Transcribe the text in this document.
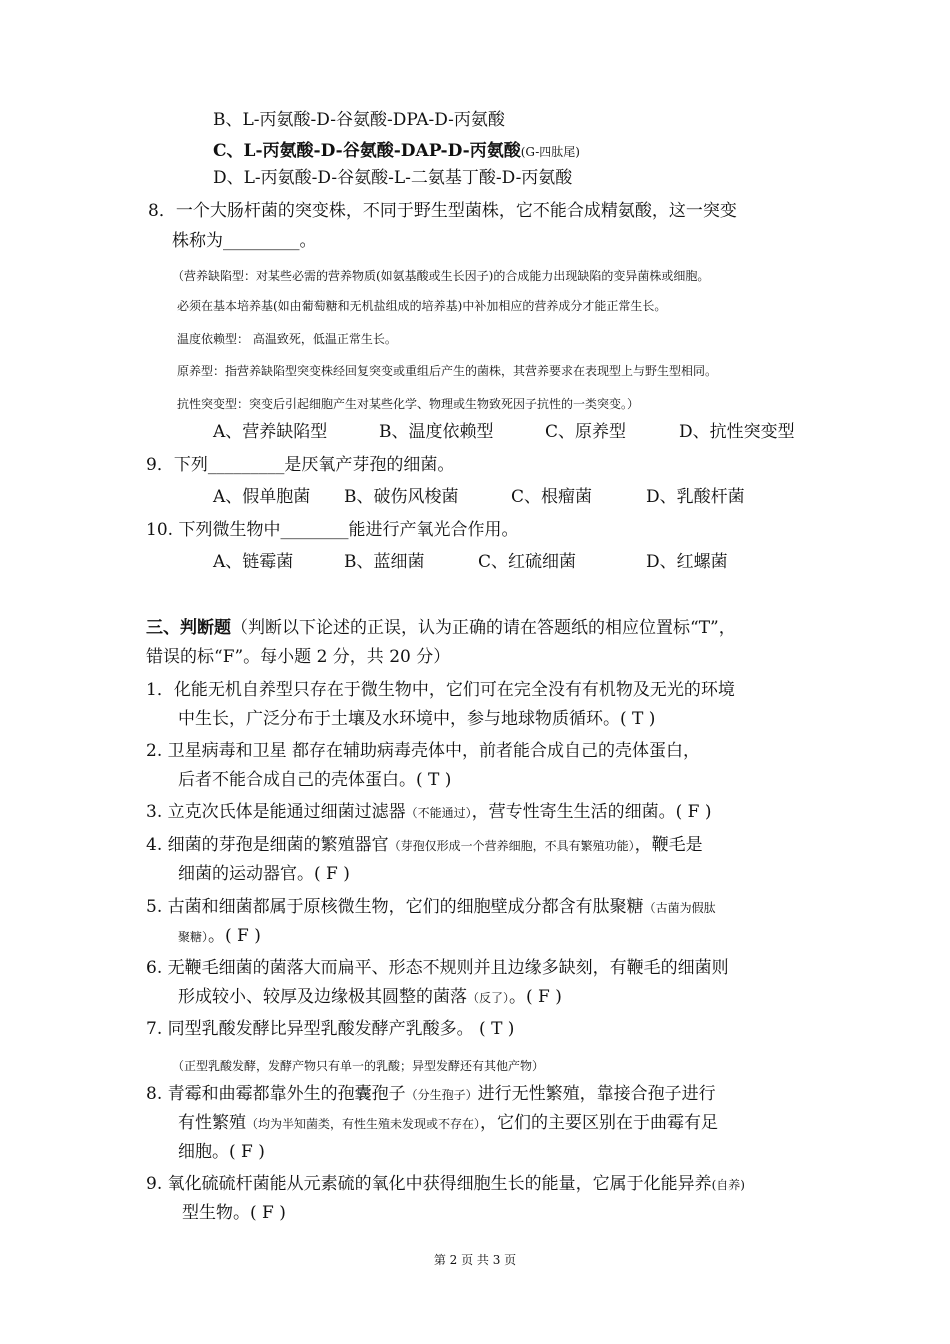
B、L-丙氨酸-D-谷氨酸-DPA-D-丙氨酸
C、L-丙氨酸-D-谷氨酸-DAP-D-丙氨酸(G-四肽尾)
D、L-丙氨酸-D-谷氨酸-L-二氨基丁酸-D-丙氨酸
8．一个大肠杆菌的突变株，不同于野生型菌株，它不能合成精氨酸，这一突变
株称为_________。
（营养缺陷型：对某些必需的营养物质(如氨基酸或生长因子)的合成能力出现缺陷的变异菌株或细胞。
必须在基本培养基(如由葡萄糖和无机盐组成的培养基)中补加相应的营养成分才能正常生长。
温度依赖型： 高温致死，低温正常生长。
原养型：指营养缺陷型突变株经回复突变或重组后产生的菌株，其营养要求在表现型上与野生型相同。
抗性突变型：突变后引起细胞产生对某些化学、物理或生物致死因子抗性的一类突变。）
A、营养缺陷型	B、温度依赖型	C、原养型	D、抗性突变型
9．下列_________是厌氧产芽孢的细菌。
A、假单胞菌 B、破伤风梭菌	C、根瘤菌	D、乳酸杆菌
10. 下列微生物中________能进行产氧光合作用。
A、链霉菌	B、蓝细菌	C、红硫细菌	D、红螺菌
三、判断题（判断以下论述的正误，认为正确的请在答题纸的相应位置标“T”，
错误的标“F”。每小题 2 分，共 20 分）
1．化能无机自养型只存在于微生物中，它们可在完全没有有机物及无光的环境
中生长，广泛分布于土壤及水环境中，参与地球物质循环。( T )
2. 卫星病毒和卫星 都存在辅助病毒壳体中，前者能合成自己的壳体蛋白，
后者不能合成自己的壳体蛋白。( T )
3. 立克次氏体是能通过细菌过滤器（不能通过），营专性寄生生活的细菌。( F )
4. 细菌的芽孢是细菌的繁殖器官（芽孢仅形成一个营养细胞，不具有繁殖功能），鞭毛是
细菌的运动器官。( F )
5. 古菌和细菌都属于原核微生物，它们的细胞壁成分都含有肽聚糖（古菌为假肽
聚糖）。( F )
6. 无鞭毛细菌的菌落大而扁平、形态不规则并且边缘多缺刻，有鞭毛的细菌则
形成较小、较厚及边缘极其圆整的菌落（反了）。( F )
7. 同型乳酸发酵比异型乳酸发酵产乳酸多。 ( T )
（正型乳酸发酵，发酵产物只有单一的乳酸；异型发酵还有其他产物）
8. 青霉和曲霉都靠外生的孢囊孢子（分生孢子）进行无性繁殖，靠接合孢子进行
有性繁殖（均为半知菌类，有性生殖未发现或不存在），它们的主要区别在于曲霉有足
细胞。( F )
9. 氧化硫硫杆菌能从元素硫的氧化中获得细胞生长的能量，它属于化能异养(自养)
型生物。( F )
第 2 页 共 3 页
